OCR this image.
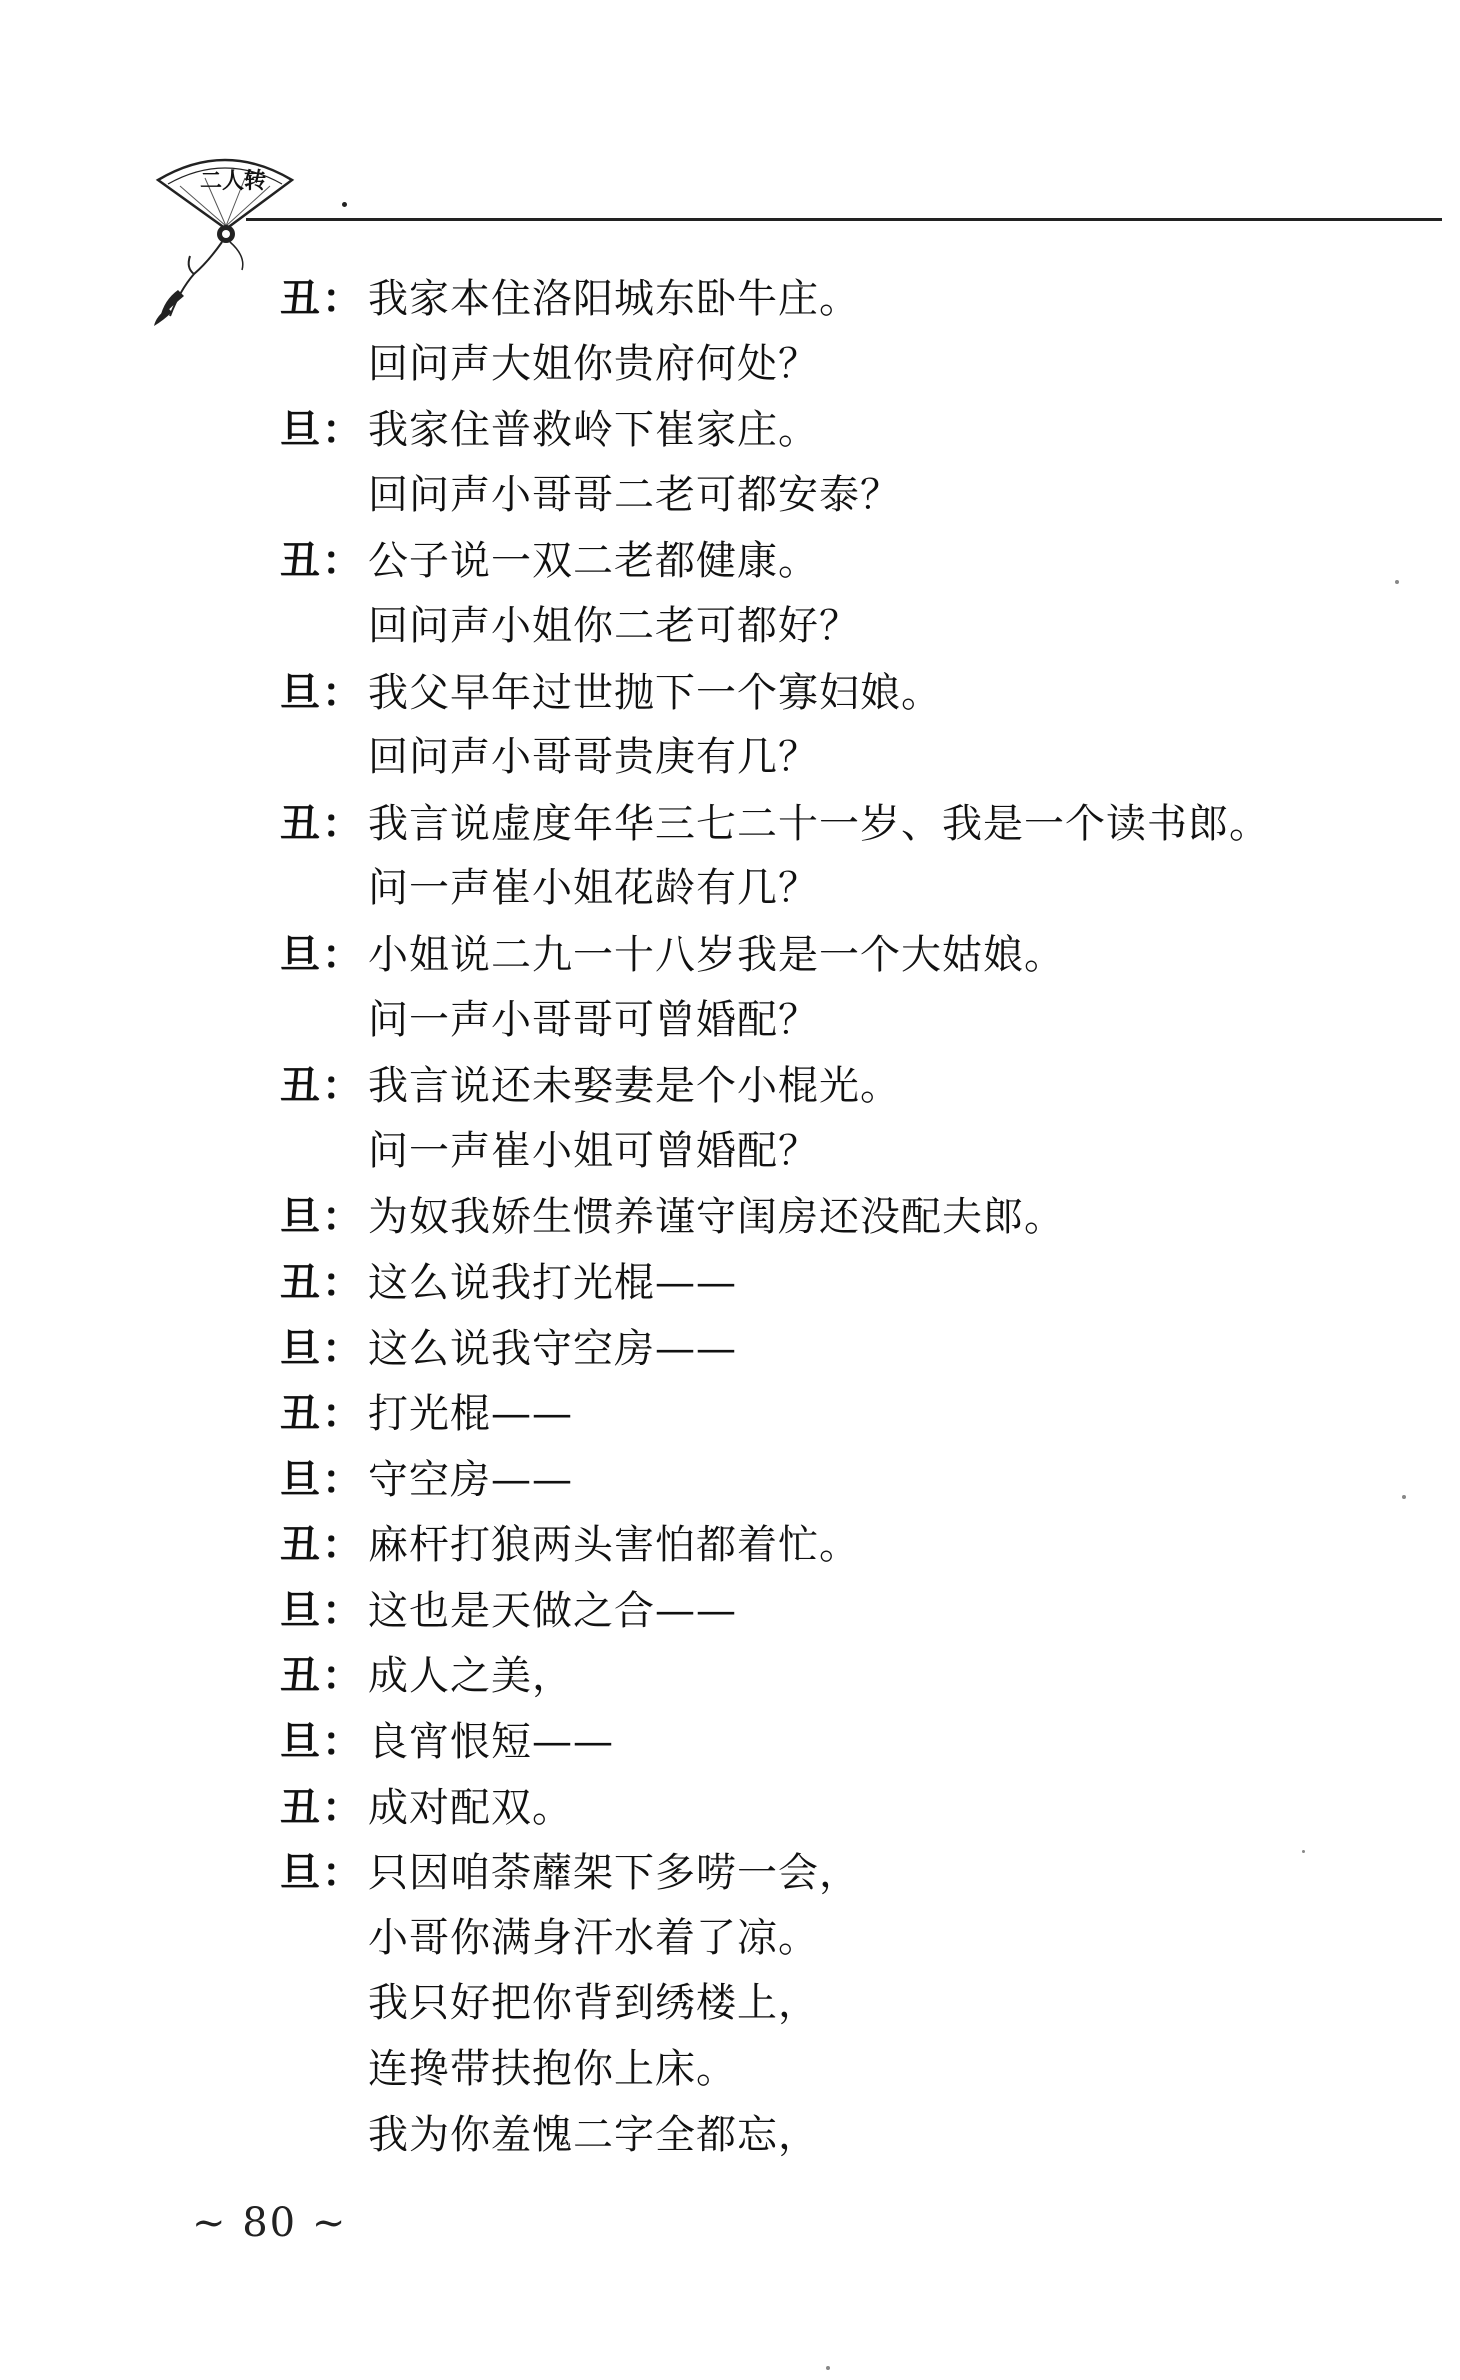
二人转
丑： 我家本住洛阳城东卧牛庄。
回问声大姐你贵府何处？
旦： 我家住普救岭下崔家庄。
回问声小哥哥二老可都安泰？
丑： 公子说一双二老都健康。
回问声小姐你二老可都好？
旦： 我父早年过世抛下一个寡妇娘。
回问声小哥哥贵庚有几？
丑： 我言说虚度年华三七二十一岁、我是一个读书郎。
问一声崔小姐花龄有几？
旦： 小姐说二九一十八岁我是一个大姑娘。
问一声小哥哥可曾婚配？
丑： 我言说还未娶妻是个小棍光。
问一声崔小姐可曾婚配？
旦： 为奴我娇生惯养谨守闺房还没配夫郎。
丑： 这么说我打光棍——
旦： 这么说我守空房——
丑： 打光棍——
旦： 守空房——
丑： 麻杆打狼两头害怕都着忙。
旦： 这也是天做之合——
丑： 成人之美，
旦： 良宵恨短——
丑： 成对配双。
旦： 只因咱荼蘼架下多唠一会，
小哥你满身汗水着了凉。
我只好把你背到绣楼上，
连搀带扶抱你上床。
我为你羞愧二字全都忘，
~ 80 ~
